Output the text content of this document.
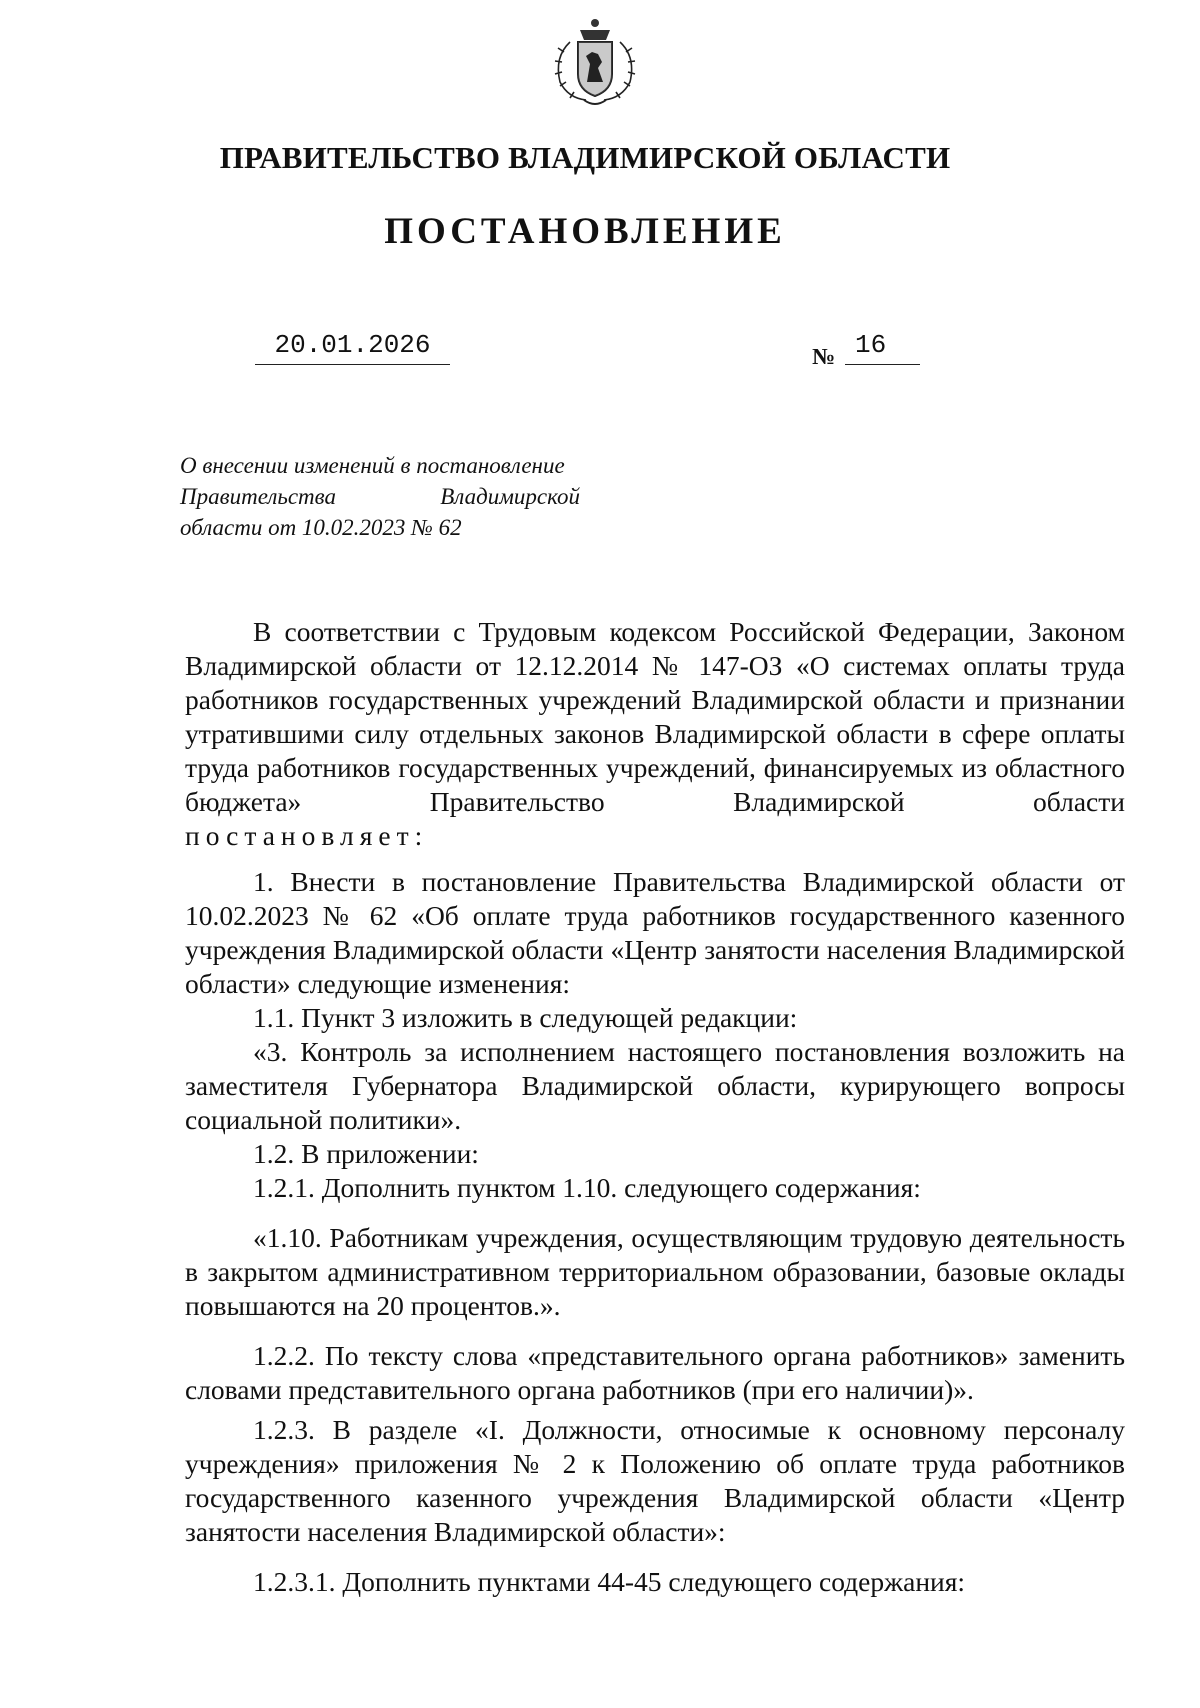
ПРАВИТЕЛЬСТВО ВЛАДИМИРСКОЙ ОБЛАСТИ
ПОСТАНОВЛЕНИЕ
20.01.2026	№ 16
О внесении изменений в постановление

Правительства Владимирской
области от 10.02.2023 № 62

В соответствии с Трудовым кодексом Российской Федерации, Законом Владимирской области от 12.12.2014 № 147-ОЗ «О системах оплаты труда работников государственных учреждений Владимирской области и признании утратившими силу отдельных законов Владимирской области в сфере оплаты труда работников государственных учреждений, финансируемых из областного бюджета» Правительство Владимирской области

постановляет:

1. Внести в постановление Правительства Владимирской области от 10.02.2023 № 62 «Об оплате труда работников государственного казенного учреждения Владимирской области «Центр занятости населения Владимирской области» следующие изменения:

1.1. Пункт 3 изложить в следующей редакции:

«3. Контроль за исполнением настоящего постановления возложить на заместителя Губернатора Владимирской области, курирующего вопросы социальной политики».

1.2. В приложении:

1.2.1. Дополнить пунктом 1.10. следующего содержания:

«1.10. Работникам учреждения, осуществляющим трудовую деятельность в закрытом административном территориальном образовании, базовые оклады повышаются на 20 процентов.».

1.2.2. По тексту слова «представительного органа работников» заменить словами представительного органа работников (при его наличии)».

1.2.3. В разделе «I. Должности, относимые к основному персоналу учреждения» приложения № 2 к Положению об оплате труда работников государственного казенного учреждения Владимирской области «Центр занятости населения Владимирской области»:

1.2.3.1. Дополнить пунктами 44-45 следующего содержания:
